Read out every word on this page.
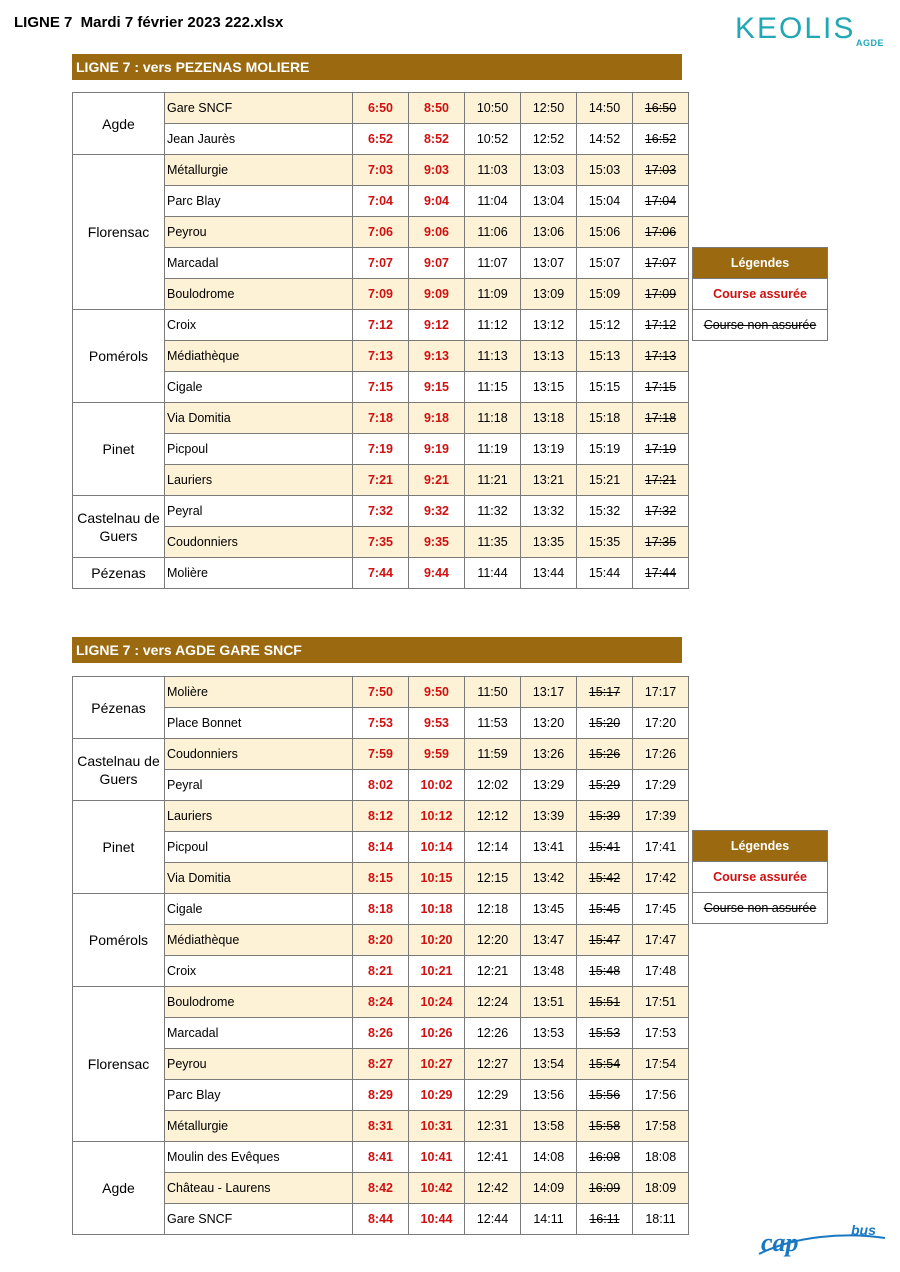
LIGNE 7  Mardi 7 février 2023 222.xlsx	KEOLIS AGDE
LIGNE 7 : vers PEZENAS MOLIERE
Agde	Gare SNCF	6:50	8:50	10:50	12:50	14:50	16:50
	Jean Jaurès	6:52	8:52	10:52	12:52	14:52	16:52
Florensac	Métallurgie	7:03	9:03	11:03	13:03	15:03	17:03
	Parc Blay	7:04	9:04	11:04	13:04	15:04	17:04
	Peyrou	7:06	9:06	11:06	13:06	15:06	17:06
	Marcadal	7:07	9:07	11:07	13:07	15:07	17:07
	Boulodrome	7:09	9:09	11:09	13:09	15:09	17:09
Pomérols	Croix	7:12	9:12	11:12	13:12	15:12	17:12
	Médiathèque	7:13	9:13	11:13	13:13	15:13	17:13
	Cigale	7:15	9:15	11:15	13:15	15:15	17:15
Pinet	Via Domitia	7:18	9:18	11:18	13:18	15:18	17:18
	Picpoul	7:19	9:19	11:19	13:19	15:19	17:19
	Lauriers	7:21	9:21	11:21	13:21	15:21	17:21
Castelnau de Guers	Peyral	7:32	9:32	11:32	13:32	15:32	17:32
	Coudonniers	7:35	9:35	11:35	13:35	15:35	17:35
Pézenas	Molière	7:44	9:44	11:44	13:44	15:44	17:44
Légendes
Course assurée
Course non assurée
LIGNE 7 : vers AGDE GARE SNCF
Pézenas	Molière	7:50	9:50	11:50	13:17	15:17	17:17
	Place Bonnet	7:53	9:53	11:53	13:20	15:20	17:20
Castelnau de Guers	Coudonniers	7:59	9:59	11:59	13:26	15:26	17:26
	Peyral	8:02	10:02	12:02	13:29	15:29	17:29
Pinet	Lauriers	8:12	10:12	12:12	13:39	15:39	17:39
	Picpoul	8:14	10:14	12:14	13:41	15:41	17:41
	Via Domitia	8:15	10:15	12:15	13:42	15:42	17:42
Pomérols	Cigale	8:18	10:18	12:18	13:45	15:45	17:45
	Médiathèque	8:20	10:20	12:20	13:47	15:47	17:47
	Croix	8:21	10:21	12:21	13:48	15:48	17:48
Florensac	Boulodrome	8:24	10:24	12:24	13:51	15:51	17:51
	Marcadal	8:26	10:26	12:26	13:53	15:53	17:53
	Peyrou	8:27	10:27	12:27	13:54	15:54	17:54
	Parc Blay	8:29	10:29	12:29	13:56	15:56	17:56
	Métallurgie	8:31	10:31	12:31	13:58	15:58	17:58
Agde	Moulin des Evêques	8:41	10:41	12:41	14:08	16:08	18:08
	Château - Laurens	8:42	10:42	12:42	14:09	16:09	18:09
	Gare SNCF	8:44	10:44	12:44	14:11	16:11	18:11
Légendes
Course assurée
Course non assurée
cap	bus
